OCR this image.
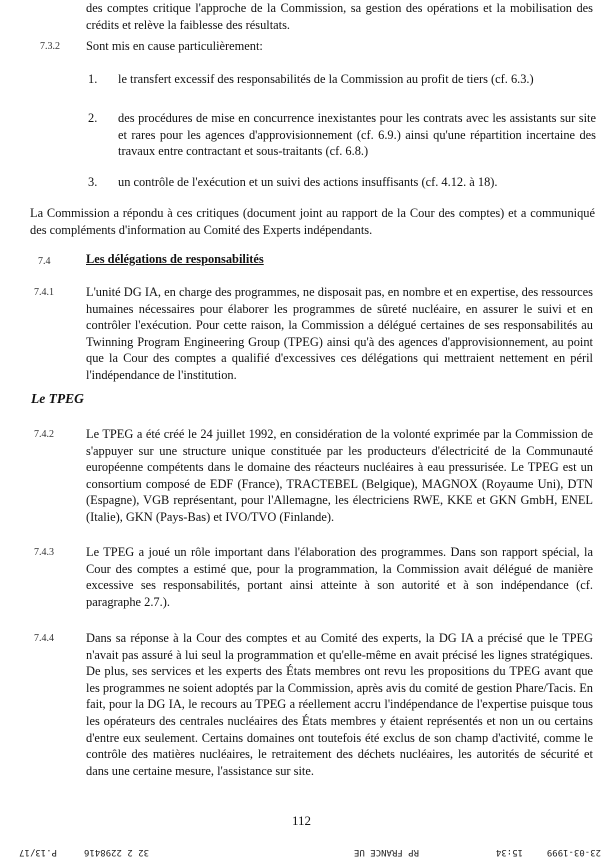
des comptes critique l'approche de la Commission, sa gestion des opérations et la mobilisation des crédits et relève la faiblesse des résultats.
7.3.2 Sont mis en cause particulièrement:
1. le transfert excessif des responsabilités de la Commission au profit de tiers (cf. 6.3.)
2. des procédures de mise en concurrence inexistantes pour les contrats avec les assistants sur site et rares pour les agences d'approvisionnement (cf. 6.9.) ainsi qu'une répartition incertaine des travaux entre contractant et sous-traitants (cf. 6.8.)
3. un contrôle de l'exécution et un suivi des actions insuffisants (cf. 4.12. à 18).
La Commission a répondu à ces critiques (document joint au rapport de la Cour des comptes) et a communiqué des compléments d'information au Comité des Experts indépendants.
7.4	Les délégations de responsabilités
7.4.1	L'unité DG IA, en charge des programmes, ne disposait pas, en nombre et en expertise, des ressources humaines nécessaires pour élaborer les programmes de sûreté nucléaire, en assurer le suivi et en contrôler l'exécution. Pour cette raison, la Commission a délégué certaines de ses responsabilités au Twinning Program Engineering Group (TPEG) ainsi qu'à des agences d'approvisionnement, au point que la Cour des comptes a qualifié d'excessives ces délégations qui mettraient nettement en péril l'indépendance de l'institution.
Le TPEG
7.4.2	Le TPEG a été créé le 24 juillet 1992, en considération de la volonté exprimée par la Commission de s'appuyer sur une structure unique constituée par les producteurs d'électricité de la Communauté européenne compétents dans le domaine des réacteurs nucléaires à eau pressurisée. Le TPEG est un consortium composé de EDF (France), TRACTEBEL (Belgique), MAGNOX (Royaume Uni), DTN (Espagne), VGB représentant, pour l'Allemagne, les électriciens RWE, KKE et GKN GmbH, ENEL (Italie), GKN (Pays-Bas) et IVO/TVO (Finlande).
7.4.3	Le TPEG a joué un rôle important dans l'élaboration des programmes. Dans son rapport spécial, la Cour des comptes a estimé que, pour la programmation, la Commission avait délégué de manière excessive ses responsabilités, portant ainsi atteinte à son autorité et à son indépendance (cf. paragraphe 2.7.).
7.4.4	Dans sa réponse à la Cour des comptes et au Comité des experts, la DG IA a précisé que le TPEG n'avait pas assuré à lui seul la programmation et qu'elle-même en avait précisé les lignes stratégiques. De plus, ses services et les experts des États membres ont revu les propositions du TPEG avant que les programmes ne soient adoptés par la Commission, après avis du comité de gestion Phare/Tacis. En fait, pour la DG IA, le recours au TPEG a réellement accru l'indépendance de l'expertise puisque tous les opérateurs des centrales nucléaires des États membres y étaient représentés et non un ou certains d'entre eux seulement. Certains domaines ont toutefois été exclus de son champ d'activité, comme le contrôle des matières nucléaires, le retraitement des déchets nucléaires, les autorités de sécurité et dans une certaine mesure, l'assistance sur site.
112
23-03-1999
15:34
RP FRANCE UE
32 2 2298416
P.13/17
